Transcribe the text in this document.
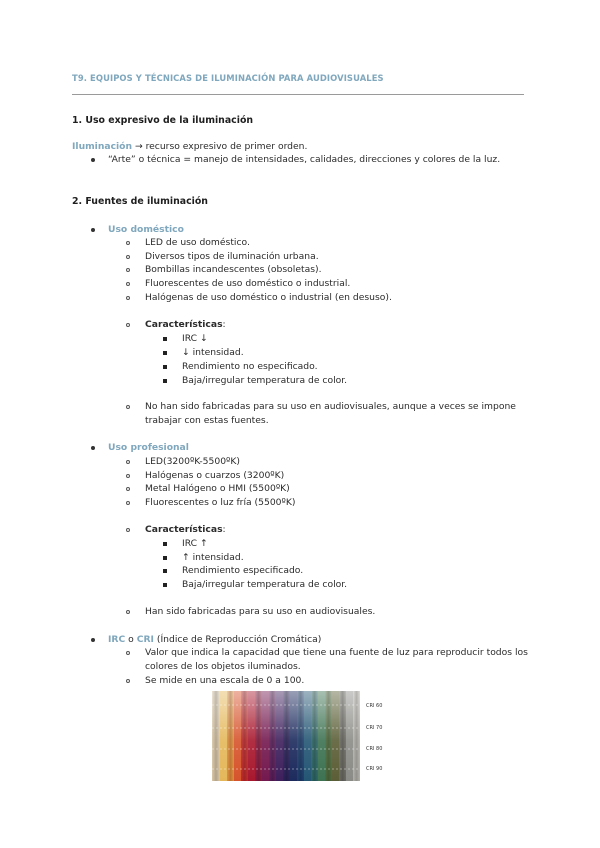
T9. EQUIPOS Y TÉCNICAS DE ILUMINACIÓN PARA AUDIOVISUALES
1. Uso expresivo de la iluminación
Iluminación → recurso expresivo de primer orden.
“Arte” o técnica = manejo de intensidades, calidades, direcciones y colores de la luz.
2. Fuentes de iluminación
Uso doméstico
LED de uso doméstico.
Diversos tipos de iluminación urbana.
Bombillas incandescentes (obsoletas).
Fluorescentes de uso doméstico o industrial.
Halógenas de uso doméstico o industrial (en desuso).
Características:
IRC ↓
↓ intensidad.
Rendimiento no especificado.
Baja/irregular temperatura de color.
No han sido fabricadas para su uso en audiovisuales, aunque a veces se impone
trabajar con estas fuentes.
Uso profesional
LED(3200ºK-5500ºK)
Halógenas o cuarzos (3200ºK)
Metal Halógeno o HMI (5500ºK)
Fluorescentes o luz fría (5500ºK)
Características:
IRC ↑
↑ intensidad.
Rendimiento especificado.
Baja/irregular temperatura de color.
Han sido fabricadas para su uso en audiovisuales.
IRC o CRI (Índice de Reproducción Cromática)
Valor que indica la capacidad que tiene una fuente de luz para reproducir todos los
colores de los objetos iluminados.
Se mide en una escala de 0 a 100.
CRI 60
CRI 70
CRI 80
CRI 90
